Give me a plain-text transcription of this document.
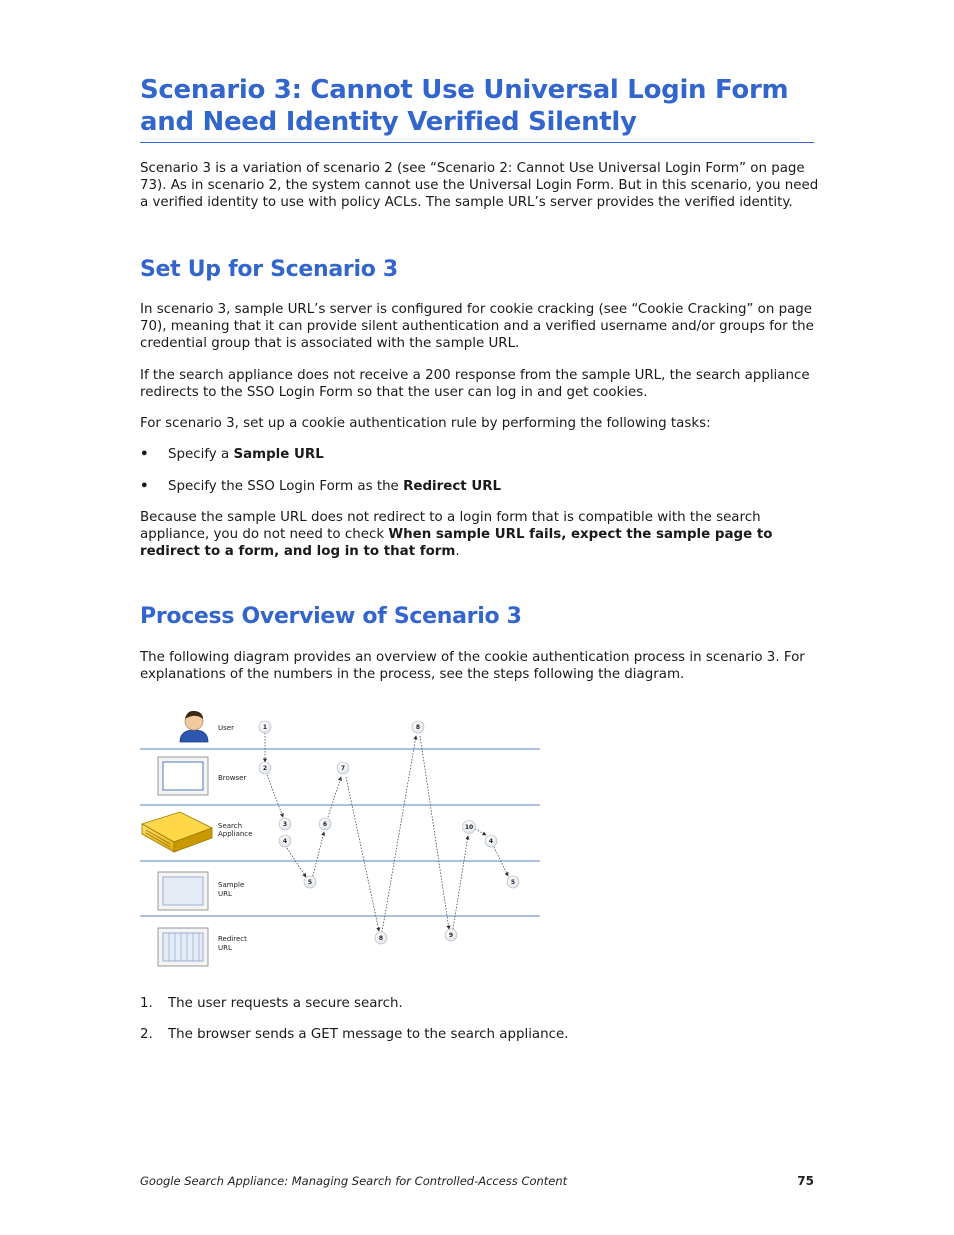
Scenario 3: Cannot Use Universal Login Form and Need Identity Verified Silently

Scenario 3 is a variation of scenario 2 (see “Scenario 2: Cannot Use Universal Login Form” on page 73). As in scenario 2, the system cannot use the Universal Login Form. But in this scenario, you need a verified identity to use with policy ACLs. The sample URL’s server provides the verified identity.

Set Up for Scenario 3

In scenario 3, sample URL’s server is configured for cookie cracking (see “Cookie Cracking” on page 70), meaning that it can provide silent authentication and a verified username and/or groups for the credential group that is associated with the sample URL.

If the search appliance does not receive a 200 response from the sample URL, the search appliance redirects to the SSO Login Form so that the user can log in and get cookies.

For scenario 3, set up a cookie authentication rule by performing the following tasks:

• Specify a Sample URL
• Specify the SSO Login Form as the Redirect URL

Because the sample URL does not redirect to a login form that is compatible with the search appliance, you do not need to check When sample URL fails, expect the sample page to redirect to a form, and log in to that form.

Process Overview of Scenario 3

The following diagram provides an overview of the cookie authentication process in scenario 3. For explanations of the numbers in the process, see the steps following the diagram.

User
Browser
Search
Appliance
Sample
URL
Redirect
URL
1
2
3
4
5
6
7
8
8	9
10
4
5
1. The user requests a secure search.
2. The browser sends a GET message to the search appliance.
Google Search Appliance: Managing Search for Controlled-Access Content	75
